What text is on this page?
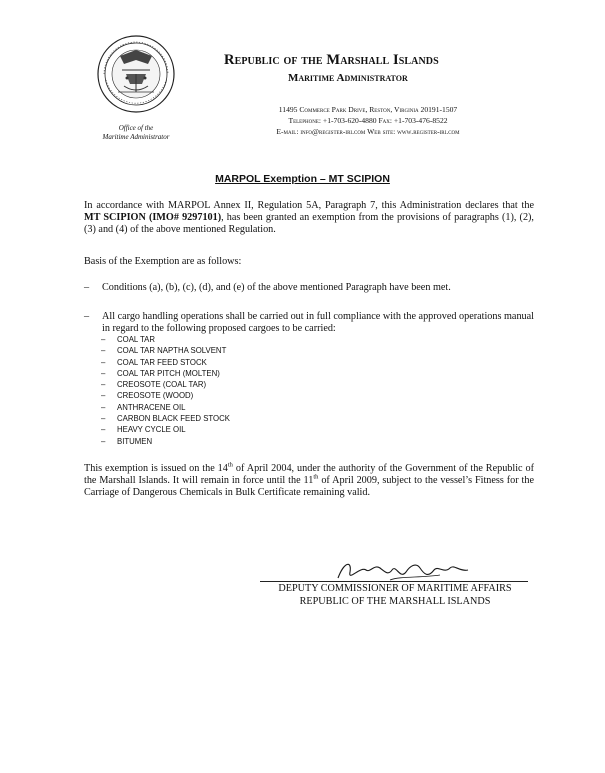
Office of the
Maritime Administrator
Republic of the Marshall Islands
Maritime Administrator
11495 Commerce Park Drive, Reston, Virginia 20191-1507
Telephone: +1-703-620-4880 Fax: +1-703-476-8522
E-mail: info@register-iri.com Web site: www.register-iri.com
MARPOL Exemption – MT SCIPION
In accordance with MARPOL Annex II, Regulation 5A, Paragraph 7, this Administration declares that the MT SCIPION (IMO# 9297101), has been granted an exemption from the provisions of paragraphs (1), (2), (3) and (4) of the above mentioned Regulation.
Basis of the Exemption are as follows:
– Conditions (a), (b), (c), (d), and (e) of the above mentioned Paragraph have been met.
– All cargo handling operations shall be carried out in full compliance with the approved operations manual in regard to the following proposed cargoes to be carried:
– COAL TAR
– COAL TAR NAPTHA SOLVENT
– COAL TAR FEED STOCK
– COAL TAR PITCH (MOLTEN)
– CREOSOTE (COAL TAR)
– CREOSOTE (WOOD)
– ANTHRACENE OIL
– CARBON BLACK FEED STOCK
– HEAVY CYCLE OIL
– BITUMEN
This exemption is issued on the 14th of April 2004, under the authority of the Government of the Republic of the Marshall Islands. It will remain in force until the 11th of April 2009, subject to the vessel’s Fitness for the Carriage of Dangerous Chemicals in Bulk Certificate remaining valid.
DEPUTY COMMISSIONER OF MARITIME AFFAIRS
REPUBLIC OF THE MARSHALL ISLANDS
